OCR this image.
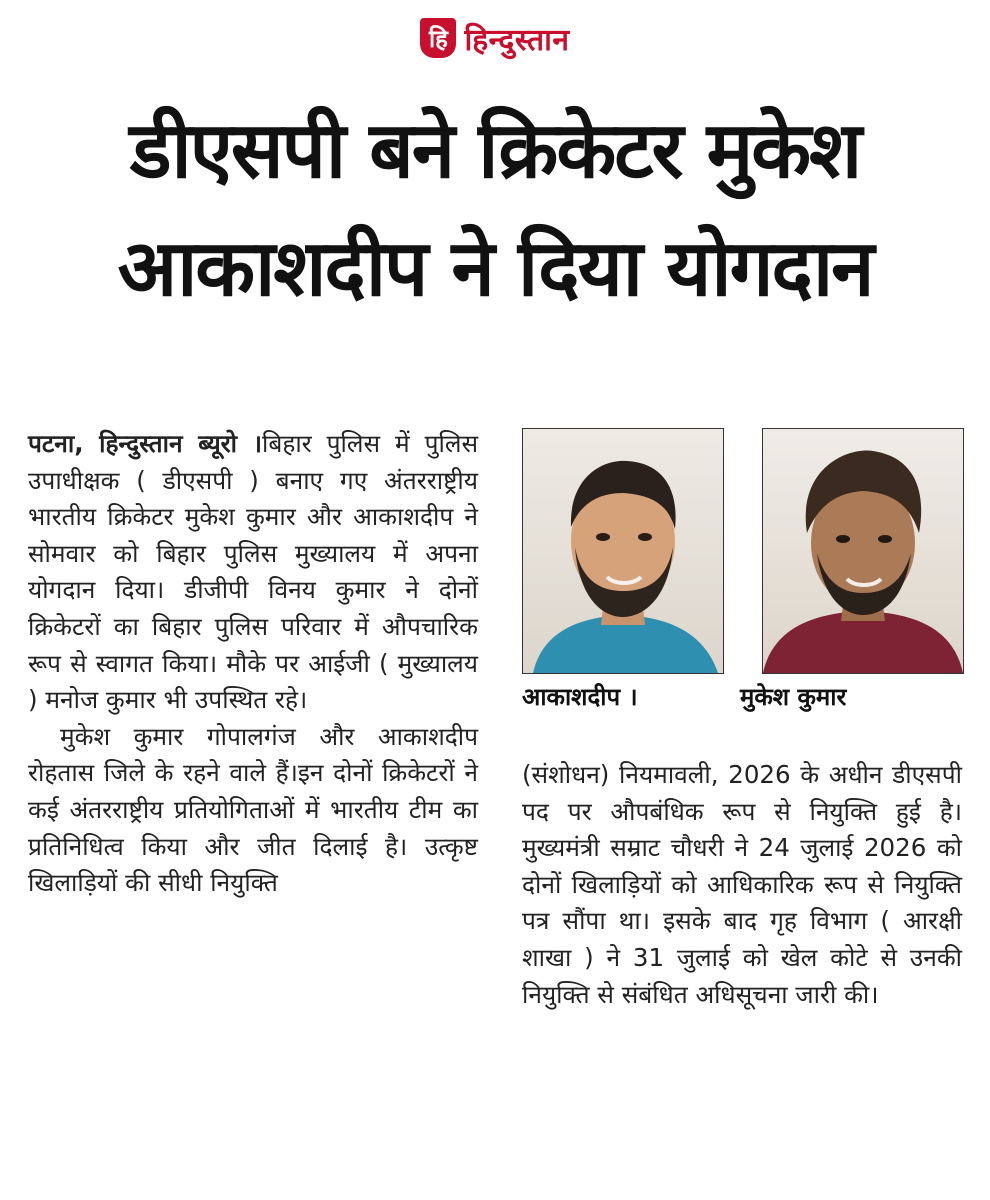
हि हिन्दुस्तान
डीएसपी बने क्रिकेटर मुकेश
आकाशदीप ने दिया योगदान

पटना, हिन्दुस्तान ब्यूरो ।बिहार पुलिस में पुलिस उपाधीक्षक ( डीएसपी ) बनाए गए अंतरराष्ट्रीय भारतीय क्रिकेटर मुकेश कुमार और आकाशदीप ने सोमवार को बिहार पुलिस मुख्यालय में अपना योगदान दिया। डीजीपी विनय कुमार ने दोनों क्रिकेटरों का बिहार पुलिस परिवार में औपचारिक रूप से स्वागत किया। मौके पर आईजी ( मुख्यालय ) मनोज कुमार भी उपस्थित रहे।

मुकेश कुमार गोपालगंज और आकाशदीप रोहतास जिले के रहने वाले हैं।इन दोनों क्रिकेटरों ने कई अंतरराष्ट्रीय प्रतियोगिताओं में भारतीय टीम का प्रतिनिधित्व किया और जीत दिलाई है। उत्कृष्ट खिलाड़ियों की सीधी नियुक्ति

आकाशदीप ।	मुकेश कुमार

(संशोधन) नियमावली, 2026 के अधीन डीएसपी पद पर औपबंधिक रूप से नियुक्ति हुई है। मुख्यमंत्री सम्राट चौधरी ने 24 जुलाई 2026 को दोनों खिलाड़ियों को आधिकारिक रूप से नियुक्ति पत्र सौंपा था। इसके बाद गृह विभाग ( आरक्षी शाखा ) ने 31 जुलाई को खेल कोटे से उनकी नियुक्ति से संबंधित अधिसूचना जारी की।
